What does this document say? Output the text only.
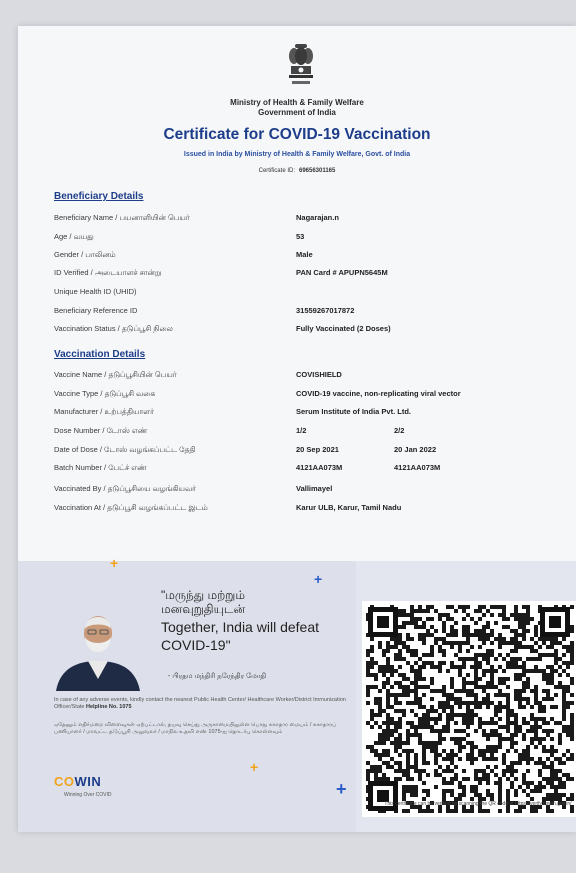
Ministry of Health & Family Welfare
Government of India
Certificate for COVID-19 Vaccination
Issued in India by Ministry of Health & Family Welfare, Govt. of India
Certificate ID: 69656301165
Beneficiary Details
Beneficiary Name / பயனாளியின் பெயர்	Nagarajan.n
Age / வயது	53
Gender / பாலினம்	Male
ID Verified / அடையாளச் சான்று	PAN Card # APUPN5645M
Unique Health ID (UHID)
Beneficiary Reference ID	31559267017872
Vaccination Status / தடுப்பூசி நிலை	Fully Vaccinated (2 Doses)
Vaccination Details
Vaccine Name / தடுப்பூசியின் பெயர்	COVISHIELD
Vaccine Type / தடுப்பூசி வகை	COVID-19 vaccine, non-replicating viral vector
Manufacturer / உற்பத்தியாளர்	Serum Institute of India Pvt. Ltd.
Dose Number / டோஸ் எண்	1/2	2/2
Date of Dose / டோஸ் வழங்கப்பட்ட தேதி	20 Sep 2021	20 Jan 2022
Batch Number / பேட்ச் எண்	4121AA073M	4121AA073M
Vaccinated By / தடுப்பூசியை வழங்கியவர்	Vallimayel
Vaccination At / தடுப்பூசி வழங்கப்பட்ட இடம்	Karur ULB, Karur, Tamil Nadu
+
+
"மருந்து மற்றும்
மனவுறுதியுடன்
Together, India will defeat COVID-19"
- பிரதம மந்திரி நரேந்திர மோதி
In case of any adverse events, kindly contact the nearest Public Health Center/ Healthcare Worker/District Immunization Officer/State Helpline No. 1075
ஏதேனும் எதிர்மறை விளைவுகள் ஏற்பட்டால், தயவு செய்து அருகாமையிலுள்ள பொது சுகாதார மையம் / சுகாதாரப் பணியாளர் / மாவட்ட தடுப்பூசி அலுவலர் / மாநில உதவி எண் 1075-ஐ தொடர்பு கொள்ளவும்
+
+
COWIN
Winning Over COVID
This certificate can be verified by scanning the QR code at https://verify.cowin.gov.in/
